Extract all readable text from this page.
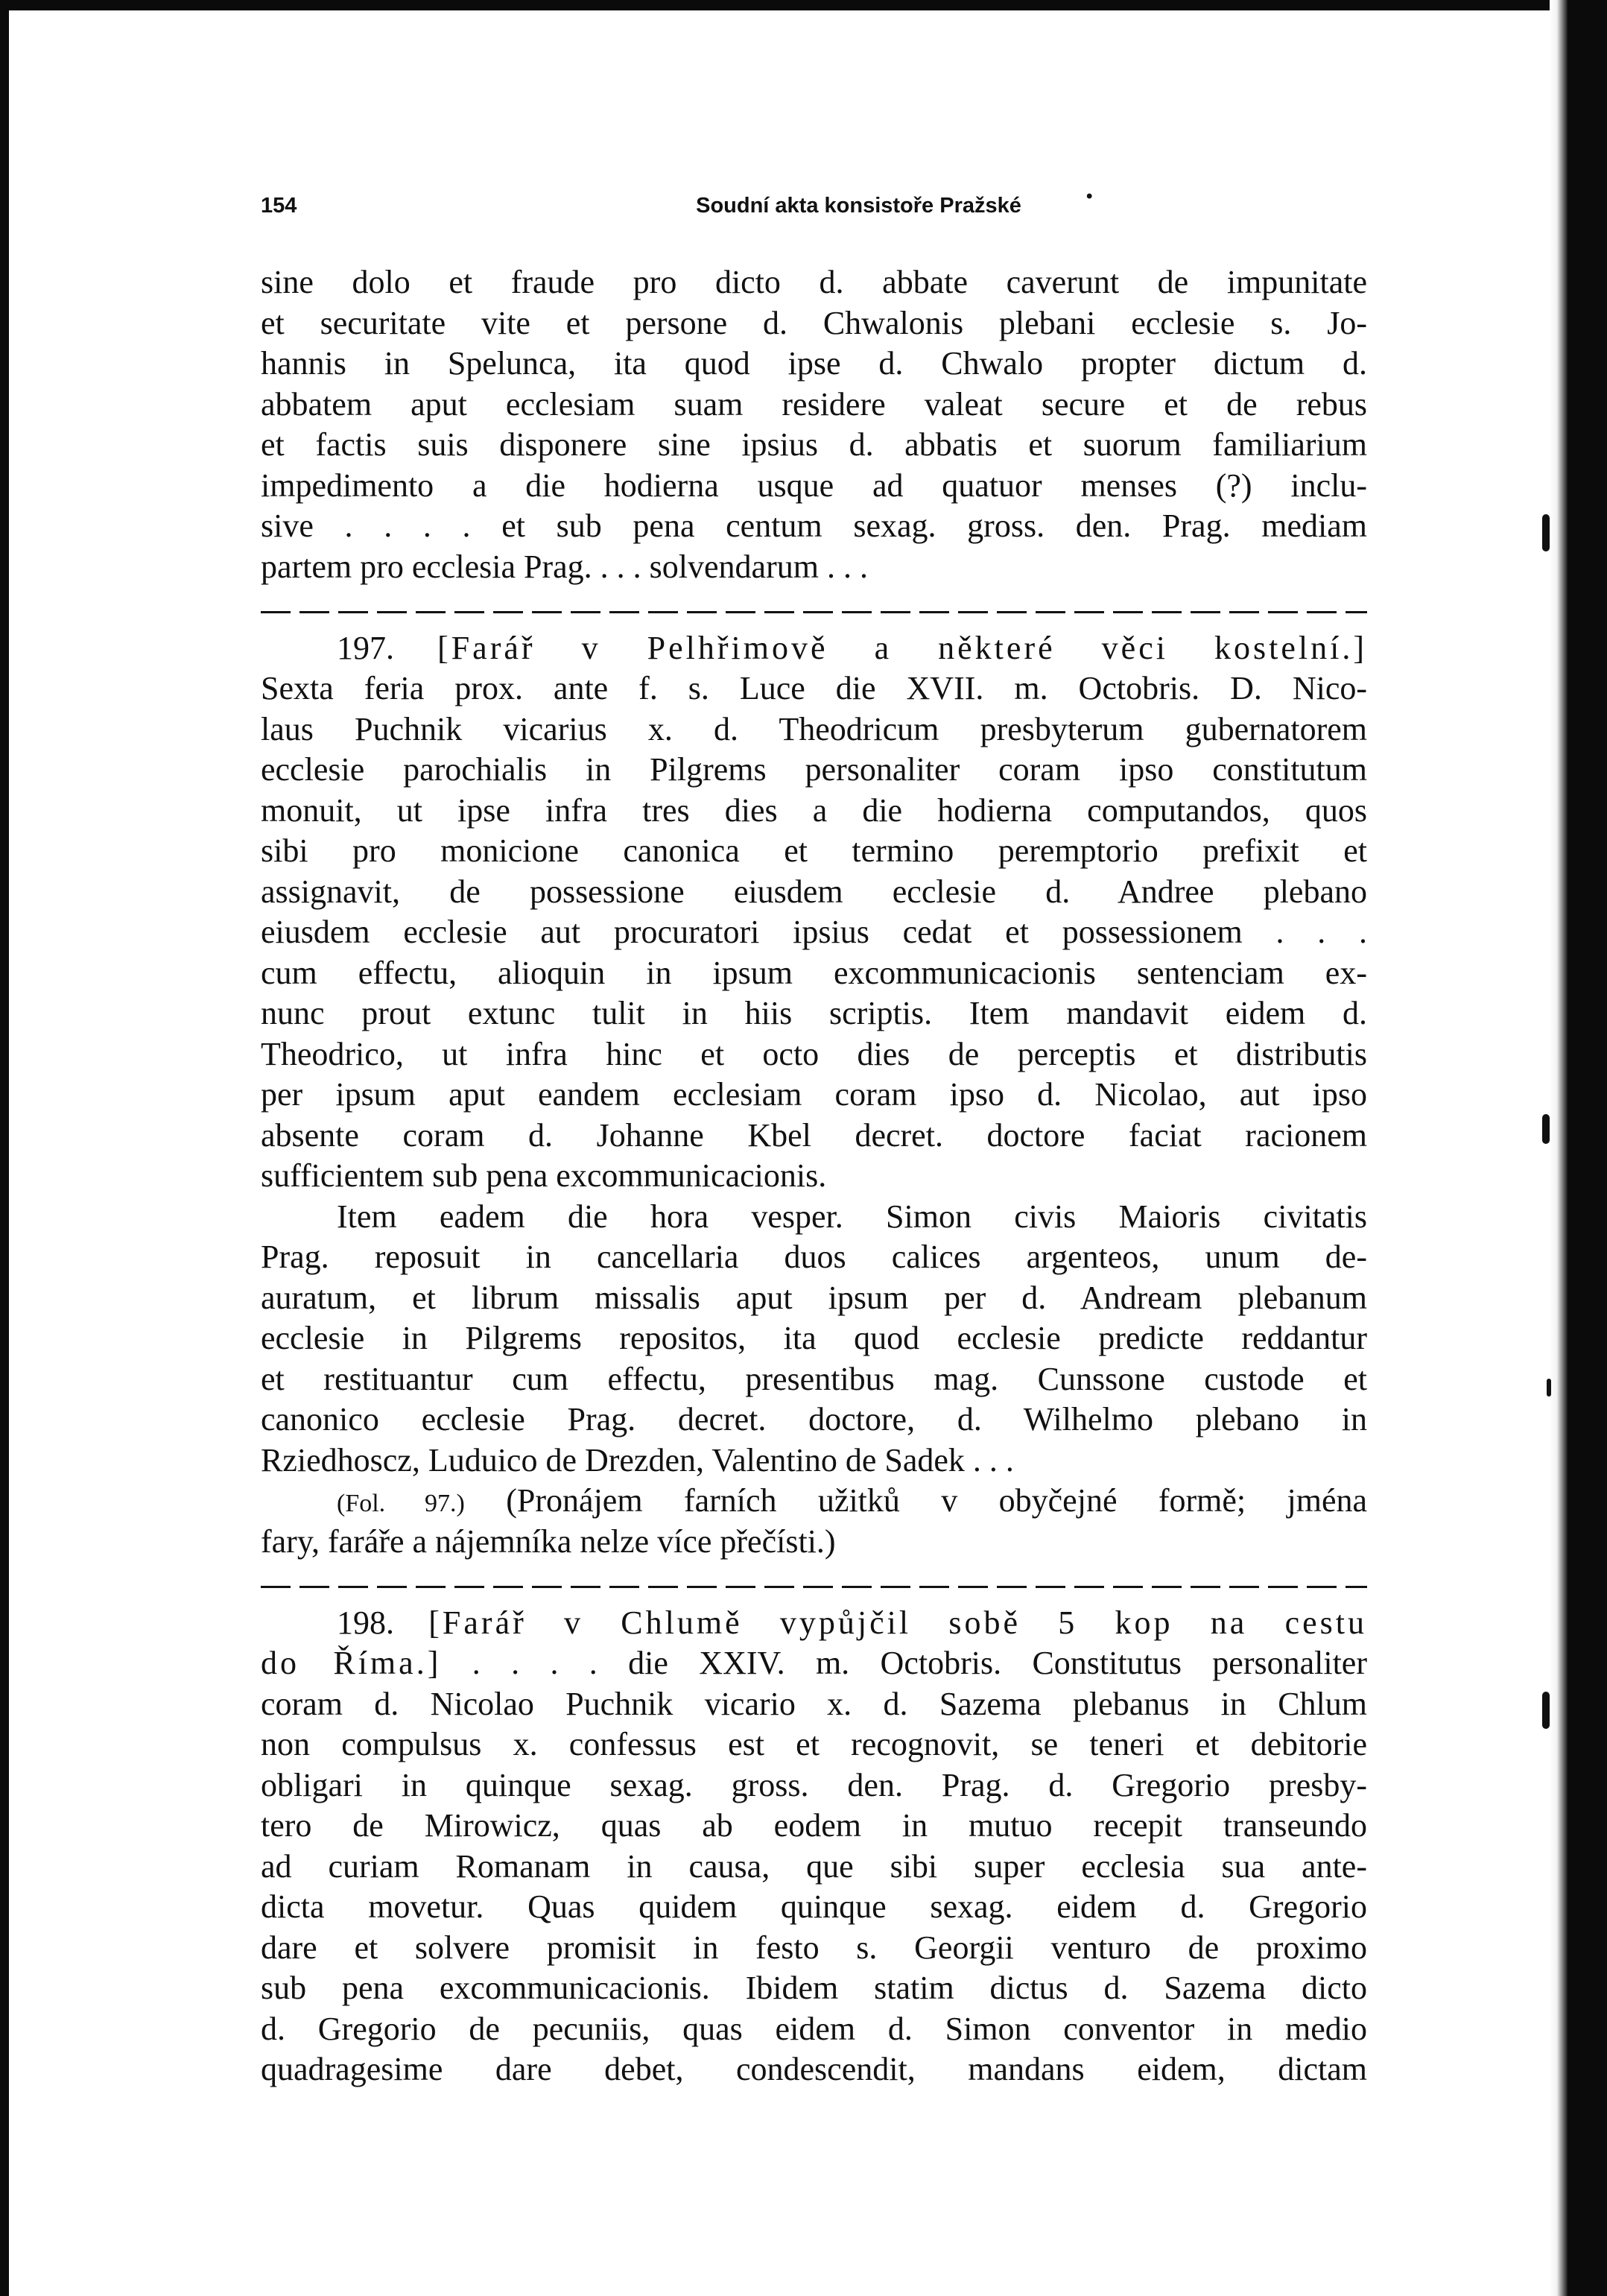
154	Soudní akta konsistoře Pražské	•
sine dolo et fraude pro dicto d. abbate caverunt de impunitate
et securitate vite et persone d. Chwalonis plebani ecclesie s. Jo-
hannis in Spelunca, ita quod ipse d. Chwalo propter dictum d.
abbatem aput ecclesiam suam residere valeat secure et de rebus
et factis suis disponere sine ipsius d. abbatis et suorum familiarium
impedimento a die hodierna usque ad quatuor menses (?) inclu-
sive . . . . et sub pena centum sexag. gross. den. Prag. mediam
partem pro ecclesia Prag. . . . solvendarum . . .
197. [Farář v Pelhřimově a některé věci kostelní.]
Sexta feria prox. ante f. s. Luce die XVII. m. Octobris. D. Nico-
laus Puchnik vicarius x. d. Theodricum presbyterum gubernatorem
ecclesie parochialis in Pilgrems personaliter coram ipso constitutum
monuit, ut ipse infra tres dies a die hodierna computandos, quos
sibi pro monicione canonica et termino peremptorio prefixit et
assignavit, de possessione eiusdem ecclesie d. Andree plebano
eiusdem ecclesie aut procuratori ipsius cedat et possessionem . . .
cum effectu, alioquin in ipsum excommunicacionis sentenciam ex-
nunc prout extunc tulit in hiis scriptis. Item mandavit eidem d.
Theodrico, ut infra hinc et octo dies de perceptis et distributis
per ipsum aput eandem ecclesiam coram ipso d. Nicolao, aut ipso
absente coram d. Johanne Kbel decret. doctore faciat racionem
sufficientem sub pena excommunicacionis.
Item eadem die hora vesper. Simon civis Maioris civitatis
Prag. reposuit in cancellaria duos calices argenteos, unum de-
auratum, et librum missalis aput ipsum per d. Andream plebanum
ecclesie in Pilgrems repositos, ita quod ecclesie predicte reddantur
et restituantur cum effectu, presentibus mag. Cunssone custode et
canonico ecclesie Prag. decret. doctore, d. Wilhelmo plebano in
Rziedhoscz, Luduico de Drezden, Valentino de Sadek . . .
(Fol. 97.) (Pronájem farních užitků v obyčejné formě; jména
fary, faráře a nájemníka nelze více přečísti.)
198. [Farář v Chlumě vypůjčil sobě 5 kop na cestu
do Říma.] . . . . die XXIV. m. Octobris. Constitutus personaliter
coram d. Nicolao Puchnik vicario x. d. Sazema plebanus in Chlum
non compulsus x. confessus est et recognovit, se teneri et debitorie
obligari in quinque sexag. gross. den. Prag. d. Gregorio presby-
tero de Mirowicz, quas ab eodem in mutuo recepit transeundo
ad curiam Romanam in causa, que sibi super ecclesia sua ante-
dicta movetur. Quas quidem quinque sexag. eidem d. Gregorio
dare et solvere promisit in festo s. Georgii venturo de proximo
sub pena excommunicacionis. Ibidem statim dictus d. Sazema dicto
d. Gregorio de pecuniis, quas eidem d. Simon conventor in medio
quadragesime dare debet, condescendit, mandans eidem, dictam
